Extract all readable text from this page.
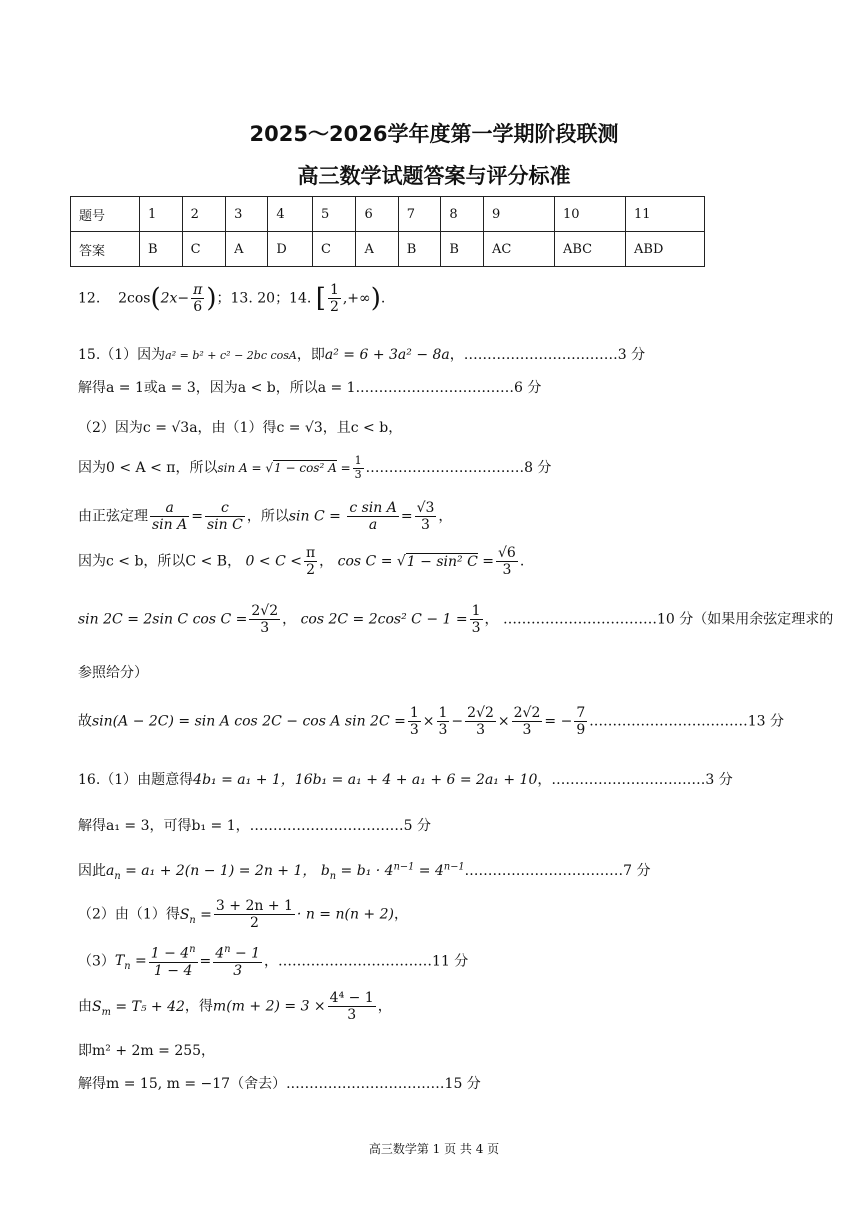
2025～2026学年度第一学期阶段联测
高三数学试题答案与评分标准
题号	1	2	3	4	5	6	7	8	9	10	11
答案	B	C	A	D	C	A	B	B	AC	ABC	ABD
12. $2\cos(2x- \frac{\pi}{6}$ )；13. 20；14. [ $\frac{1}{2}$ ,+∞).
15.（1）因为a² = b² + c² − 2bc cosA，即a² = 6 + 3a² − 8a，……………………………3 分
解得a = 1或a = 3，因为a < b，所以a = 1.……………………………6 分
（2）因为c = √3a，由（1）得c = √3，且c < b，
因为0 < A < π，所以sin A = √1 − cos² $A = \frac{1}{3}$ .……………………………8 分
由正弦定理 $\frac{a}{\text{sin A}} = \frac{c}{\text{sin C}}$ ，所以$\sin C = \frac{\text{c sin A}}{a} = \frac{√3}{3}$ ，
因为c < b，所以C < B， $0 < C < \frac{\pi}{2}$ ， cos C = √1 − sin² $C = \frac{√6}{3}$ .
sin 2C = 2sin C $\cos C = \frac{2√2}{3}$ ， cos 2C = 2cos² $C - 1 = \frac{1}{3}$ ， ……………………………10 分（如果用余弦定理求的
参照给分）
故sin(A − 2C) = sin A cos 2C − cos A $\sin 2C = \frac{1}{3} \times \frac{1}{3} - \frac{2√2}{3} \times \frac{2√2}{3}$ = − $\frac{7}{9}$ .……………………………13 分
16.（1）由题意得4b₁ = a₁ + 1，16b₁ = a₁ + 4 + a₁ + 6 = 2a₁ + 10，……………………………3 分
解得a₁ = 3，可得b₁ = 1，……………………………5 分
因此$a_n = a_1 + 2(n - 1) = 2n + 1$， $b_n = b_1 \cdot 4^{n-1}$ = $4^{n-1}.\dots\dots\dots\dots\dots\dots\dots\dots\dots\dots\dots 7$ 分
（2）由（1）得$S_n = \frac{3 + 2n + 1}{2} \cdot n = n(n + 2)$，
$(3)T_n = \frac{1 - 4^n}{1 - 4} = \frac{4^n - 1}{3}$ ，……………………………11 分
由$S_m = T_5 + 42$，得$m(m + 2) = 3 \times \frac{\text{4⁴ − 1}}{3}$ ，
即m² + 2m = 255，
解得m = 15, m = −17（舍去）.……………………………15 分
高三数学第 1 页 共 4 页
